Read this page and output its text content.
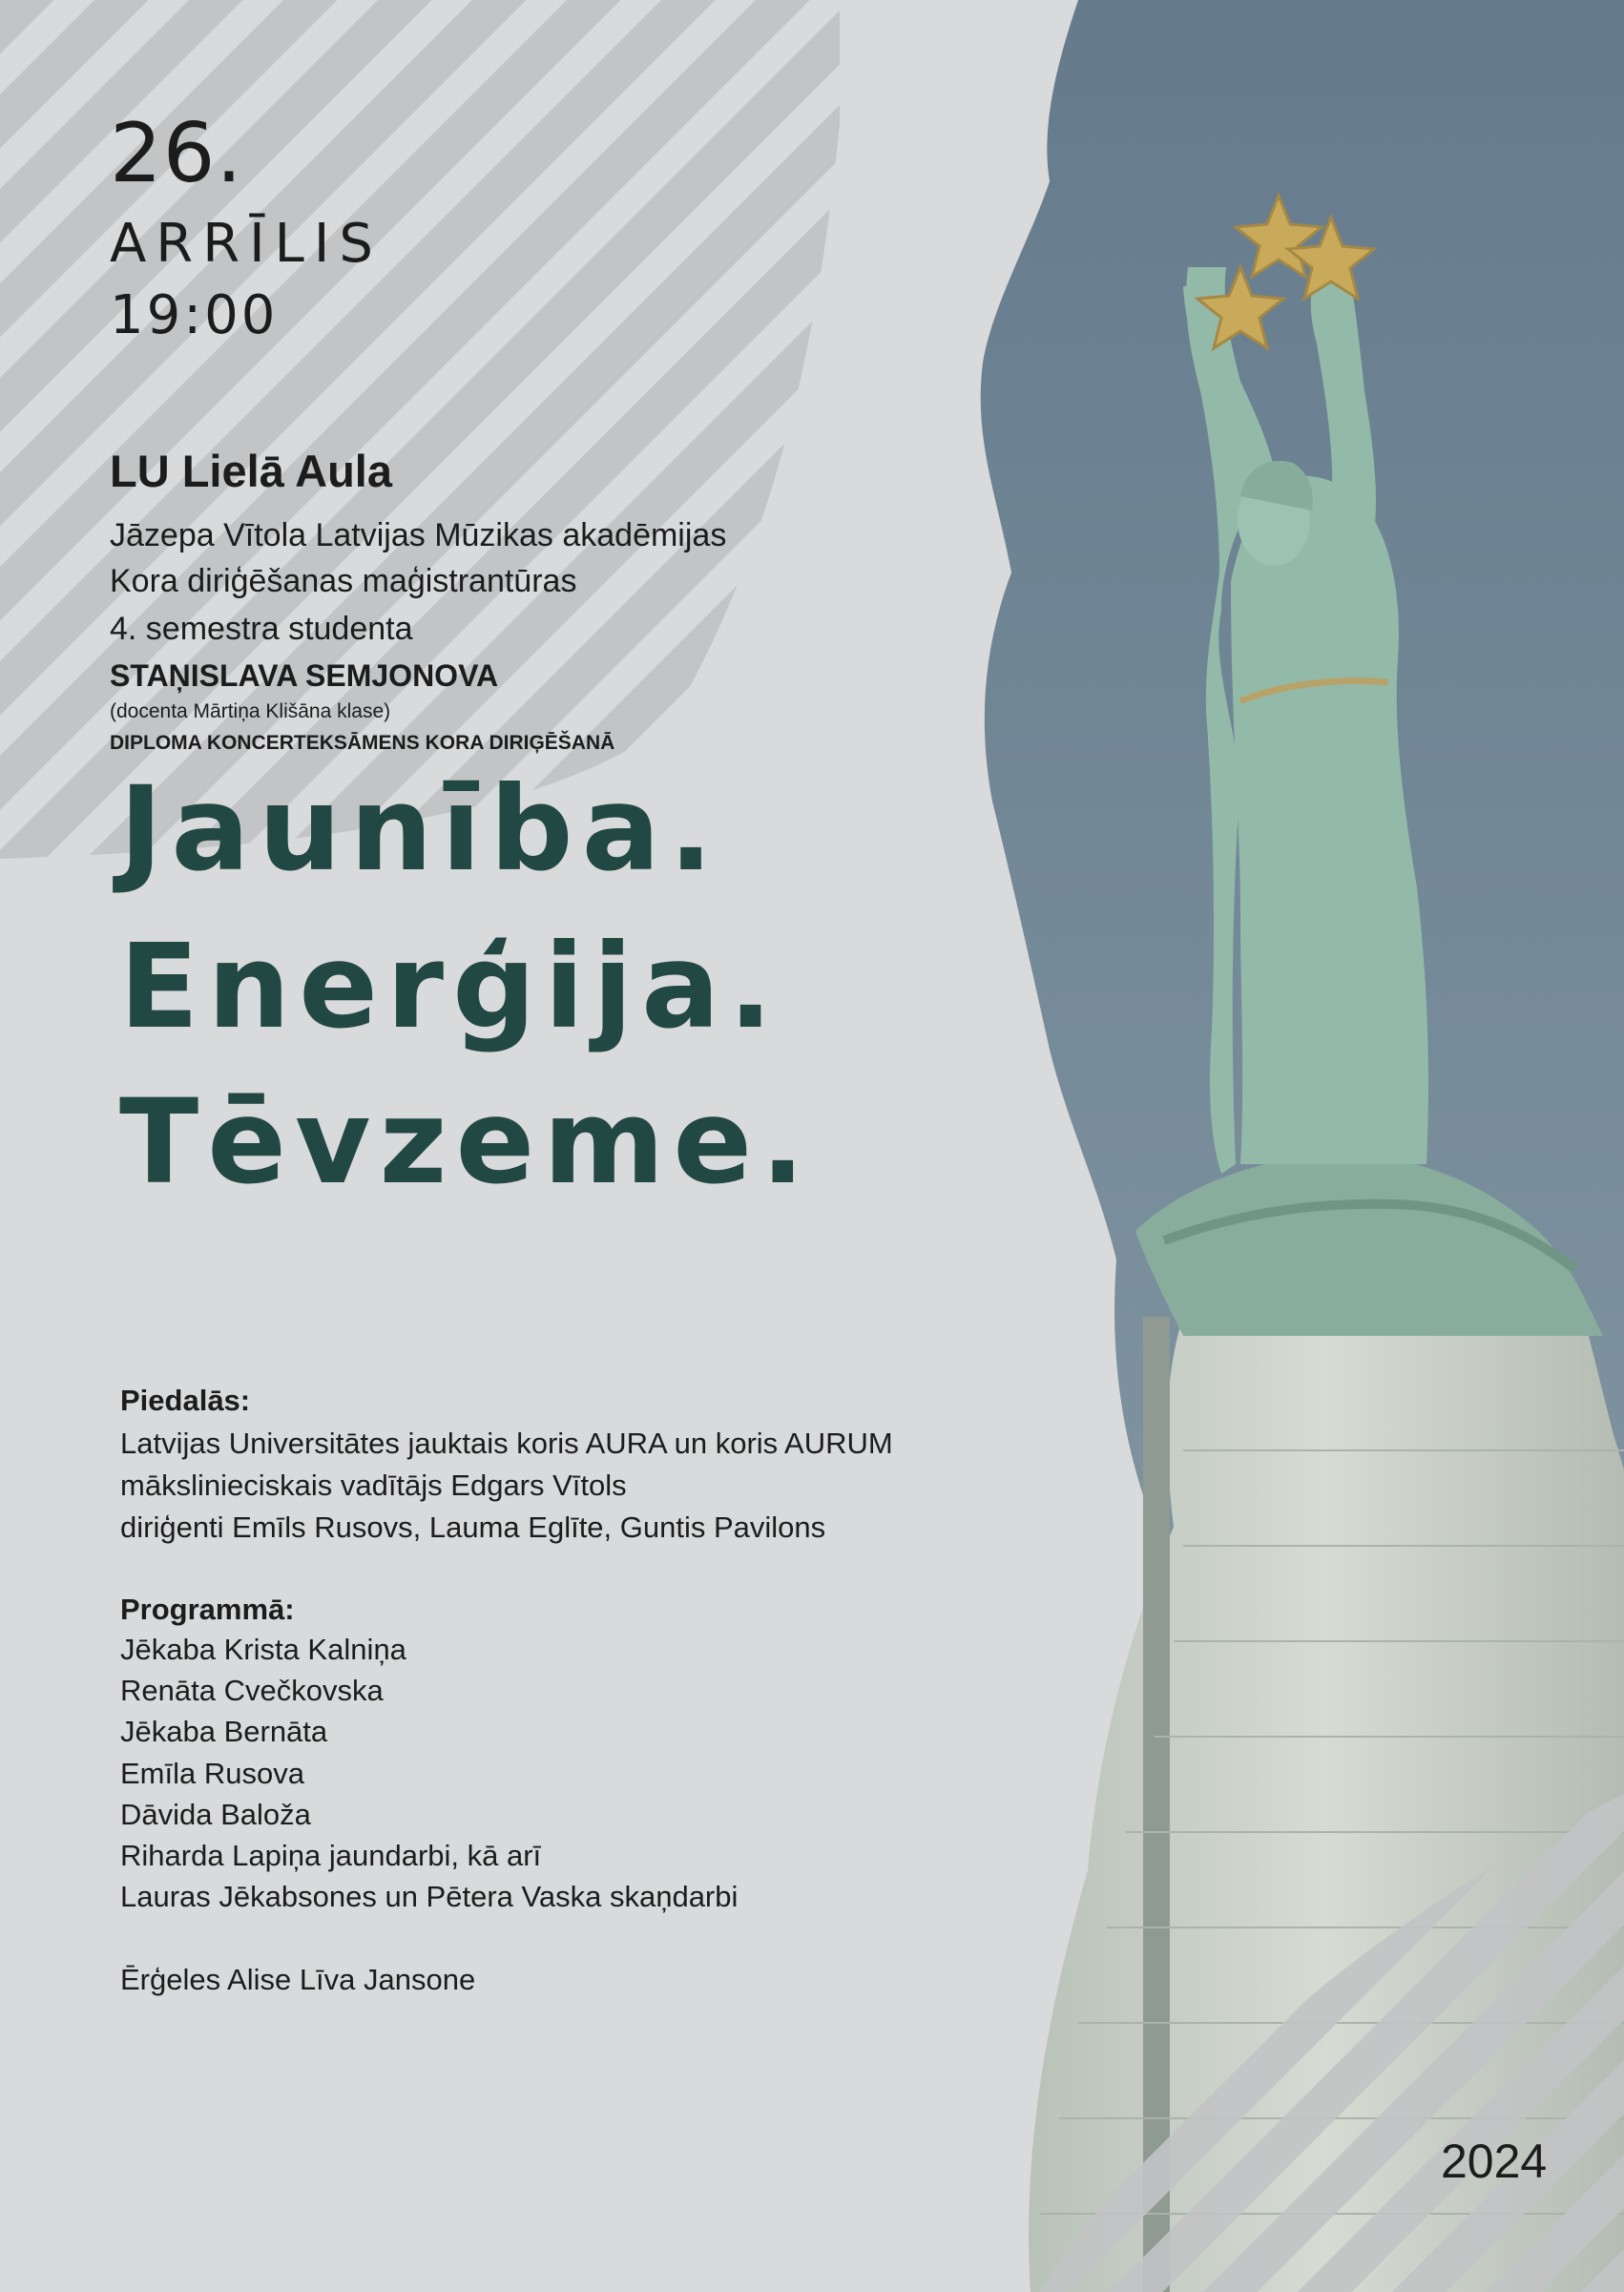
26.
ARRĪLIS
19:00
LU Lielā Aula
Jāzepa Vītola Latvijas Mūzikas akadēmijas
Kora diriģēšanas maģistrantūras
4. semestra studenta
STAŅISLAVA SEMJONOVA
(docenta Mārtiņa Klišāna klase)
DIPLOMA KONCERTEKSĀMENS KORA DIRIĢĒŠANĀ
Jaunība.
Enerģija.
Tēvzeme.
Piedalās:
Latvijas Universitātes jauktais koris AURA un koris AURUM
mākslinieciskais vadītājs Edgars Vītols
diriģenti Emīls Rusovs, Lauma Eglīte, Guntis Pavilons
Programmā:
Jēkaba Krista Kalniņa
Renāta Cvečkovska
Jēkaba Bernāta
Emīla Rusova
Dāvida Baloža
Riharda Lapiņa jaundarbi, kā arī
Lauras Jēkabsones un Pētera Vaska skaņdarbi
Ērģeles Alise Līva Jansone
2024
